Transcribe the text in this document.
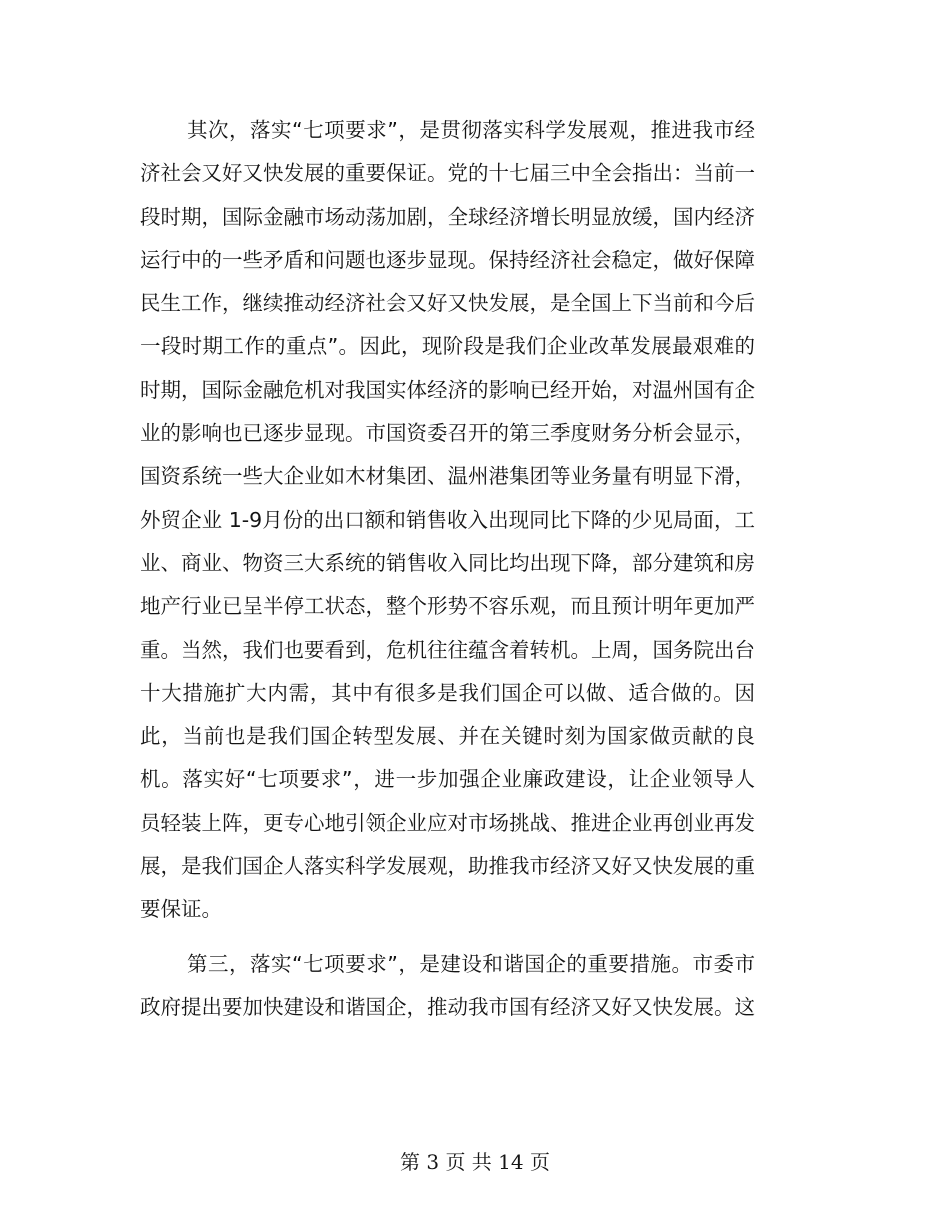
其次，落实“七项要求”，是贯彻落实科学发展观，推进我市经
济社会又好又快发展的重要保证。党的十七届三中全会指出：当前一
段时期，国际金融市场动荡加剧，全球经济增长明显放缓，国内经济
运行中的一些矛盾和问题也逐步显现。保持经济社会稳定，做好保障
民生工作，继续推动经济社会又好又快发展，是全国上下当前和今后
一段时期工作的重点”。因此，现阶段是我们企业改革发展最艰难的
时期，国际金融危机对我国实体经济的影响已经开始，对温州国有企
业的影响也已逐步显现。市国资委召开的第三季度财务分析会显示，
国资系统一些大企业如木材集团、温州港集团等业务量有明显下滑，
外贸企业 1-9月份的出口额和销售收入出现同比下降的少见局面，工
业、商业、物资三大系统的销售收入同比均出现下降，部分建筑和房
地产行业已呈半停工状态，整个形势不容乐观，而且预计明年更加严
重。当然，我们也要看到，危机往往蕴含着转机。上周，国务院出台
十大措施扩大内需，其中有很多是我们国企可以做、适合做的。因
此，当前也是我们国企转型发展、并在关键时刻为国家做贡献的良
机。落实好“七项要求”，进一步加强企业廉政建设，让企业领导人
员轻装上阵，更专心地引领企业应对市场挑战、推进企业再创业再发
展，是我们国企人落实科学发展观，助推我市经济又好又快发展的重
要保证。
第三，落实“七项要求”，是建设和谐国企的重要措施。市委市
政府提出要加快建设和谐国企，推动我市国有经济又好又快发展。这
第 3 页 共 14 页
